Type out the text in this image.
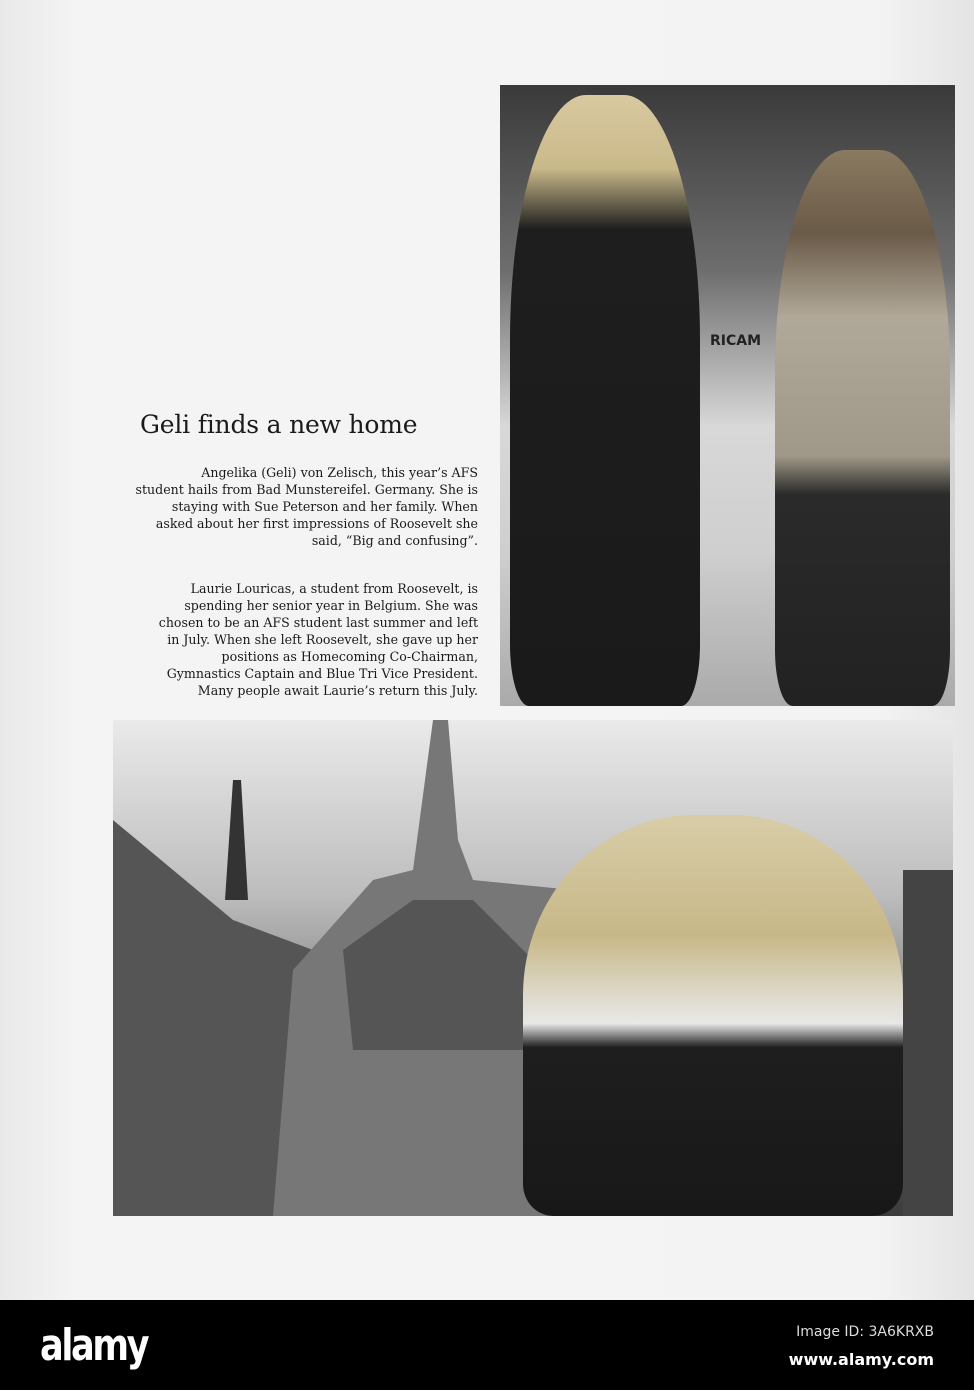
RICAM
Geli finds a new home

Angelika (Geli) von Zelisch, this year’s AFS
student hails from Bad Munstereifel. Germany. She is
staying with Sue Peterson and her family. When
asked about her first impressions of Roosevelt she
said, “Big and confusing”.

Laurie Louricas, a student from Roosevelt, is
spending her senior year in Belgium. She was
chosen to be an AFS student last summer and left
in July. When she left Roosevelt, she gave up her
positions as Homecoming Co-Chairman,
Gymnastics Captain and Blue Tri Vice President.
Many people await Laurie’s return this July.

alamy	Image ID: 3A6KRXB
www.alamy.com
